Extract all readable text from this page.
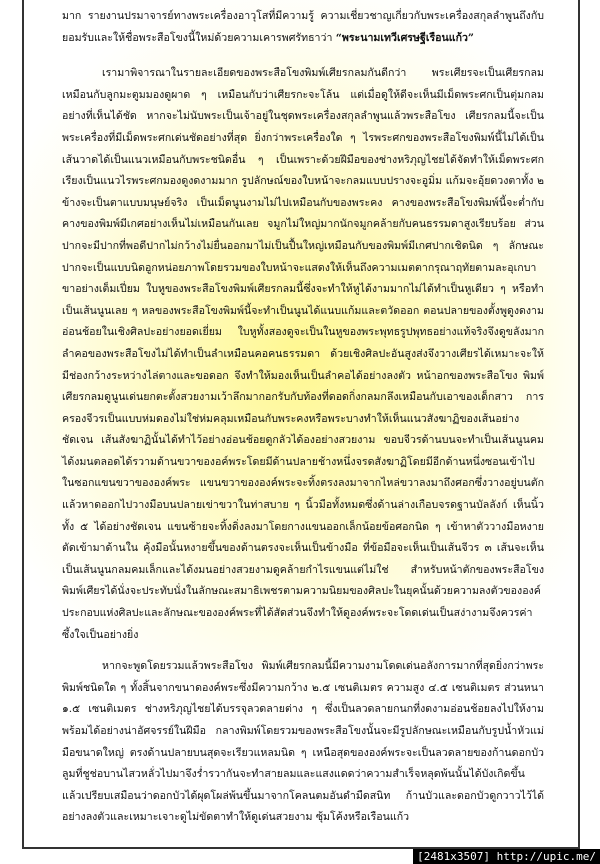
มาก รายงานปรมาจารย์ทางพระเครื่องอาวุโสที่มีความรู้ ความเชี่ยวชาญเกี่ยวกับพระเครื่องสกุลลำพูนถึงกับยอมรับและให้ชื่อพระสือโขงนี้ใหม่ด้วยความเคารพศรัทธาว่า “พระนามเทวีเศรษฐีเรือนแก้ว”

เรามาพิจารณาในรายละเอียดของพระสือโขงพิมพ์เศียรกลมกันดีกว่า พระเศียรจะเป็นเศียรกลมเหมือนกับลูกมะตูมมองดูผาด ๆ เหมือนกับว่าเศียรกะจะโล้น แต่เมื่อดูให้ดีจะเห็นมีเม็ดพระศกเป็นตุ่มกลมอย่างที่เห็นได้ชัด หากจะไม่นับพระเป็นเจ้าอยู่ในชุดพระเครื่องสกุลลำพูนแล้วพระสือโขง เศียรกลมนี้จะเป็นพระเครื่องที่มีเม็ดพระศกเด่นชัดอย่างที่สุด ยิ่งกว่าพระเครื่องใด ๆ ไรพระศกของพระสือโขงพิมพ์นี้ไม่ได้เป็นเส้นวาดได้เป็นแนวเหมือนกับพระชนิดอื่น ๆ เป็นเพราะด้วยฝีมือของช่างหริภุญไชยได้จัดทำให้เม็ดพระศกเรียงเป็นแนวไรพระศกมองดูงดงามมาก รูปลักษณ์ของใบหน้าจะกลมแบบปรางจะอูมิ่ม แก้มจะอุ้ยดวงตาทั้ง ๒ ข้างจะเป็นตาแบบมนุษย์จริง เป็นเม็ดนูนงามไม่ไปเหมือนกับของพระคง คางของพระสือโขงพิมพ์นี้จะต่ำกับคางของพิมพ์มีเกศอย่างเห็นไม่เหมือนกันเลย จมูกไม่ใหญ่มากนักจมูกคล้ายกับคนธรรมดาสูงเรียบร้อย ส่วนปากจะมีปากที่พอดีปากไม่กว้างไม่ยื่นออกมาไม่เป็นปื้นใหญ่เหมือนกับของพิมพ์มีเกศปากเชิดนิด ๆ ลักษณะปากจะเป็นแบบนิดอูกหน่อยภาพโดยรวมของใบหน้าจะแสดงให้เห็นถึงความเมตตากรุณาฤทัยตามละอุเกบาขาอย่างเต็มเปี่ยม ใบหูของพระสือโขงพิมพ์เศียรกลมนี้ซึ่งจะทำให้หูได้งามมากไม่ได้ทำเป็นหูเดียว ๆ หรือทำเป็นเส้นนูนเลย ๆ หลของพระสือโขงพิมพ์นี้จะทำเป็นนูนได้แนบแก้มและตวัดออก ตอนปลายของตั้งพูดูงดงามอ่อนช้อยในเชิงศิลปะอย่างยอดเยี่ยม ใบหูทั้งสองดูจะเป็นในหูของพระพุทธรูปพุทธอย่างแท้จริงจึงดูขลังมาก ลำคอของพระสือโขงไม่ได้ทำเป็นลำเหมือนคอคนธรรมดา ด้วยเชิงศิลปะอันสูงส่งจึงวางเศียรได้เหมาะจะให้มีช่องกว้างระหว่างไล่ตางและขอดอก จึงทำให้มองเห็นเป็นลำคอได้อย่างลงตัว หน้าอกของพระสือโขง พิมพ์เศียรกลมดูนูนเด่นยกตะตั้งสวยงามเว้าลึกมากอกรับกับท้องที่ดอดกิ่งกลมกลึงเหมือนกับเอาของเด็กสาว การครองจีวรเป็นแบบห่มดองไม่ใช่ห่มคลุมเหมือนกับพระคงหรือพระบางทำให้เห็นแนวสังฆาฏิของเส้นอย่างชัดเจน เส้นสังฆาฏินั้นได้ทำไว้อย่างอ่อนช้อยดูกลัวได้องอย่างสวยงาม ขอบจีวรด้านบนจะทำเป็นเส้นนูนคมได้งมนตลอดได้รวามด้านขวาของอค์พระโดยมีด้านปลายช้างหนึ่งจรดสังฆาฏิโดยมีอีกด้านหนึ่งซอนเข้าไปในซอกแขนขวาขององค์พระ แขนขวาขององค์พระจะทิ้งตรงลงมาจากไหล่ขวาลงมาถึงศอกซึ่งวางอยู่บนตักแล้วหาดออกไปวางมือบนปลายเข่าขวาในท่าสบาย ๆ นิ้วมือทั้งหมดซึ่งด้านล่างเกือบจรดฐานบัลลังก์ เห็นนิ้วทั้ง ๕ ได้อย่างชัดเจน แขนซ้ายจะทิ้งดิ่งลงมาโดยกางแขนออกเล็กน้อยข้อศอกนิด ๆ เข้าหาตัววางมือหงายตัดเข้ามาด้านใน คุ้งมือนั้นหงายขึ้นของด้านตรงจะเห็นเป็นข้างมือ ที่ข้อมือจะเห็นเป็นเส้นจีวร ๓ เส้นจะเห็นเป็นเส้นนูนกลมคมเล็กและได้งมนอย่างสวยงามดูคล้ายกำไรแขนแต่ไม่ใช่ สำหรับหน้าตักของพระสือโขง พิมพ์เศียรได้นั่งจะประทับนั่งในลักษณะสมาธิเพชรตามความนิยมของศิลปะในยุคนั้นด้วยความลงตัวขององค์ประกอบแห่งศิลปะและลักษณะขององค์พระที่ได้สัดส่วนจึงทำให้ดูองค์พระจะโดดเด่นเป็นสง่างามจึงควรค่าซึ้งใจเป็นอย่างยิ่ง

หากจะพูดโดยรวมแล้วพระสือโขง พิมพ์เศียรกลมนี้มีความงามโดดเด่นอลังการมากที่สุดยิ่งกว่าพระพิมพ์ชนิดใด ๆ ทั้งสิ้นจากขนาดองค์พระซึ่งมีความกว้าง ๒.๕ เซนติเมตร ความสูง ๔.๕ เซนติเมตร ส่วนหนา ๑.๕ เซนติเมตร ช่างหริภุญไชยได้บรรจุลวดลายต่าง ๆ ซึ่งเป็นลวดลายกนกที่งดงามอ่อนช้อยลงไปให้งามพร้อมได้อย่างน่าอัศจรรย์ในฝีมือ กลางพิมพ์โดยรวมของพระสือโขงนั้นจะมีรูปลักษณะเหมือนกับรูปน้ำหัวแม่มือขนาดใหญ่ ตรงด้านปลายบนสุดจะเรียวแหลมนิด ๆ เหนือสุดขององค์พระจะเป็นลวดลายของก้านดอกบัวลูมที่ชูช่อบานไสวหลั่วไปมาจึงร่ำรวากันจะทำสายลมและแสงแดดว่าความสำเร็จหลุดพ้นนั้นได้บังเกิดขึ้นแล้วเปรียบเสมือนว่าดอกบัวได้ผุดโผล่พ้นขึ้นมาจากโคลนตมอันดำมืดสนิท ก้านบัวและดอกบัวดูกวาวไว้ได้อย่างลงตัวและเหมาะเจาะดูไม่ขัดตาทำให้ดูเด่นสวยงาม ซุ้มโค้งหรือเรือนแก้ว

[2481x3507] http://upic.me/
